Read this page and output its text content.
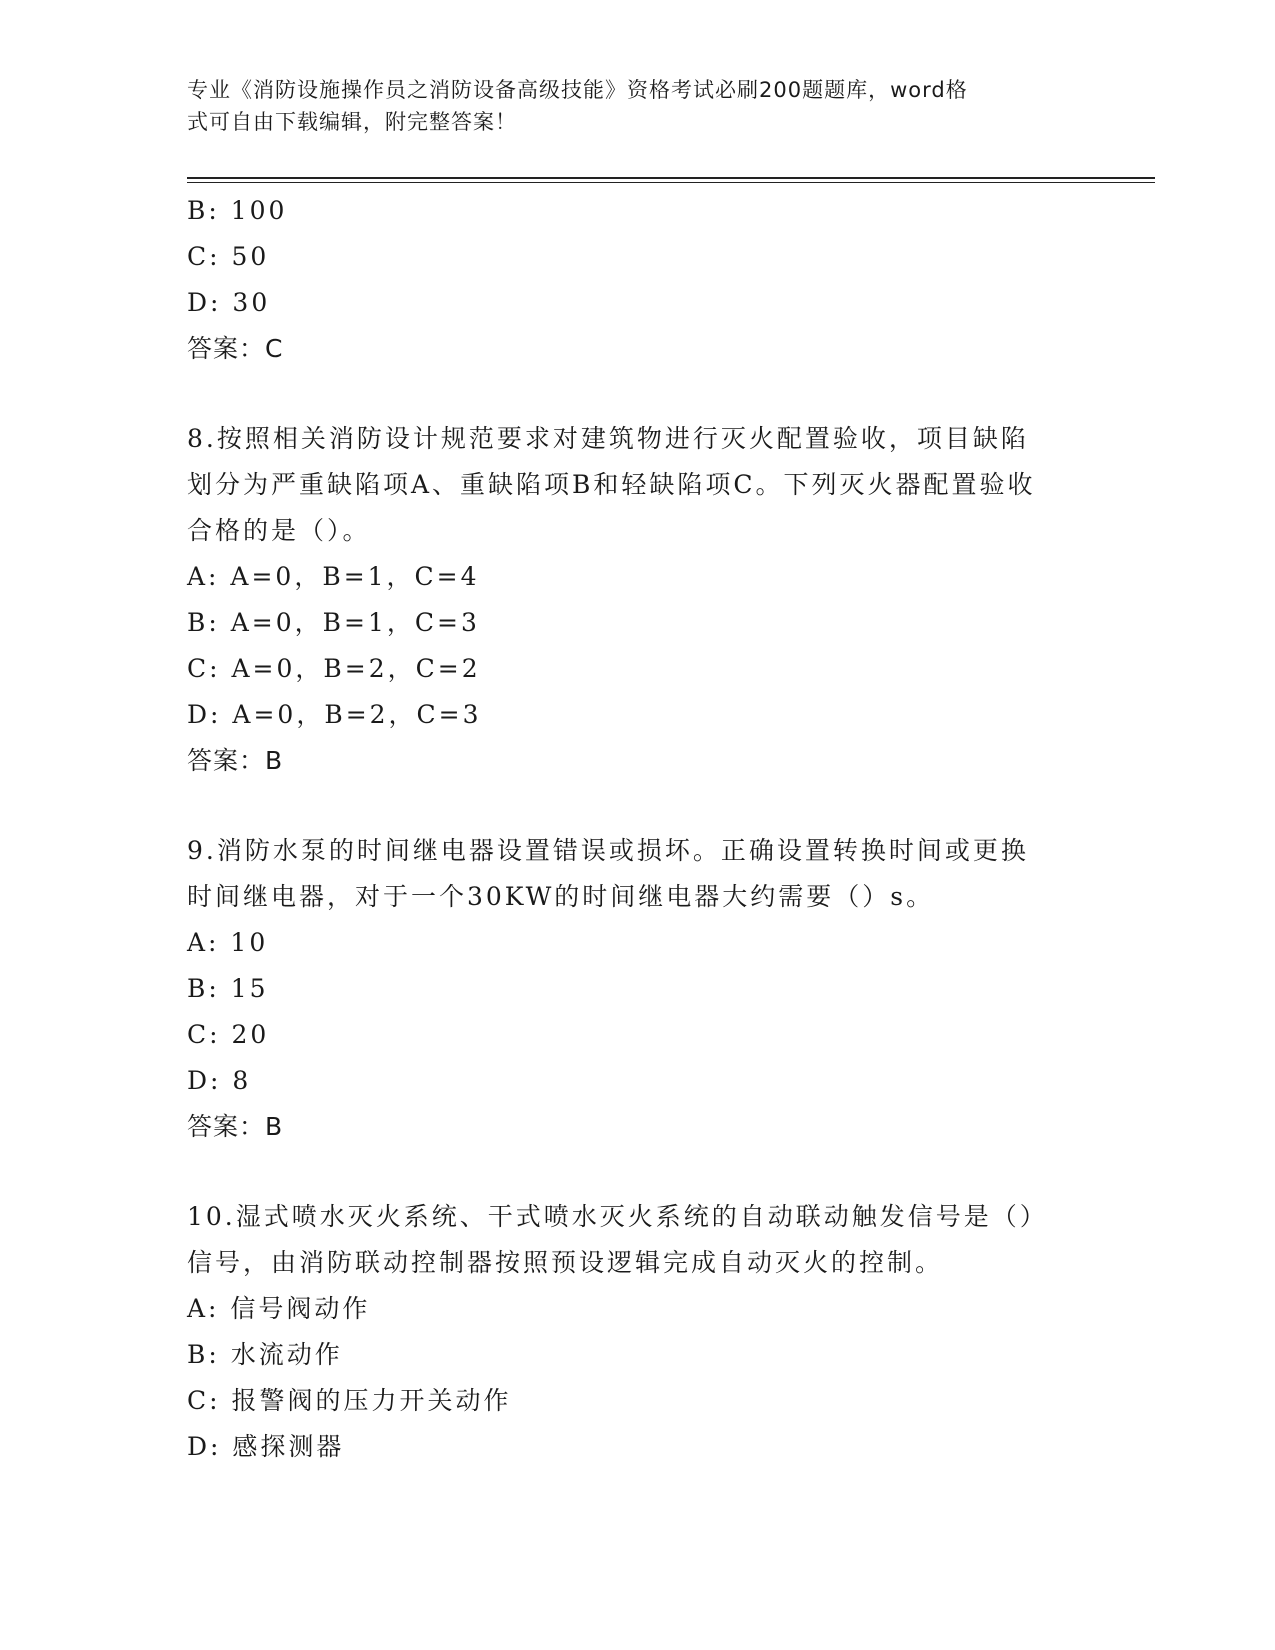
专业《消防设施操作员之消防设备高级技能》资格考试必刷200题题库，word格
式可自由下载编辑，附完整答案！
B: 100
C: 50
D: 30
答案：C
8.按照相关消防设计规范要求对建筑物进行灭火配置验收，项目缺陷
划分为严重缺陷项A、重缺陷项B和轻缺陷项C。下列灭火器配置验收
合格的是（）。
A: A=0，B=1，C=4
B: A=0，B=1，C=3
C: A=0，B=2，C=2
D: A=0，B=2，C=3
答案：B
9.消防水泵的时间继电器设置错误或损坏。正确设置转换时间或更换
时间继电器，对于一个30KW的时间继电器大约需要（）s。
A: 10
B: 15
C: 20
D: 8
答案：B
10.湿式喷水灭火系统、干式喷水灭火系统的自动联动触发信号是（）
信号，由消防联动控制器按照预设逻辑完成自动灭火的控制。
A: 信号阀动作
B: 水流动作
C: 报警阀的压力开关动作
D: 感探测器
